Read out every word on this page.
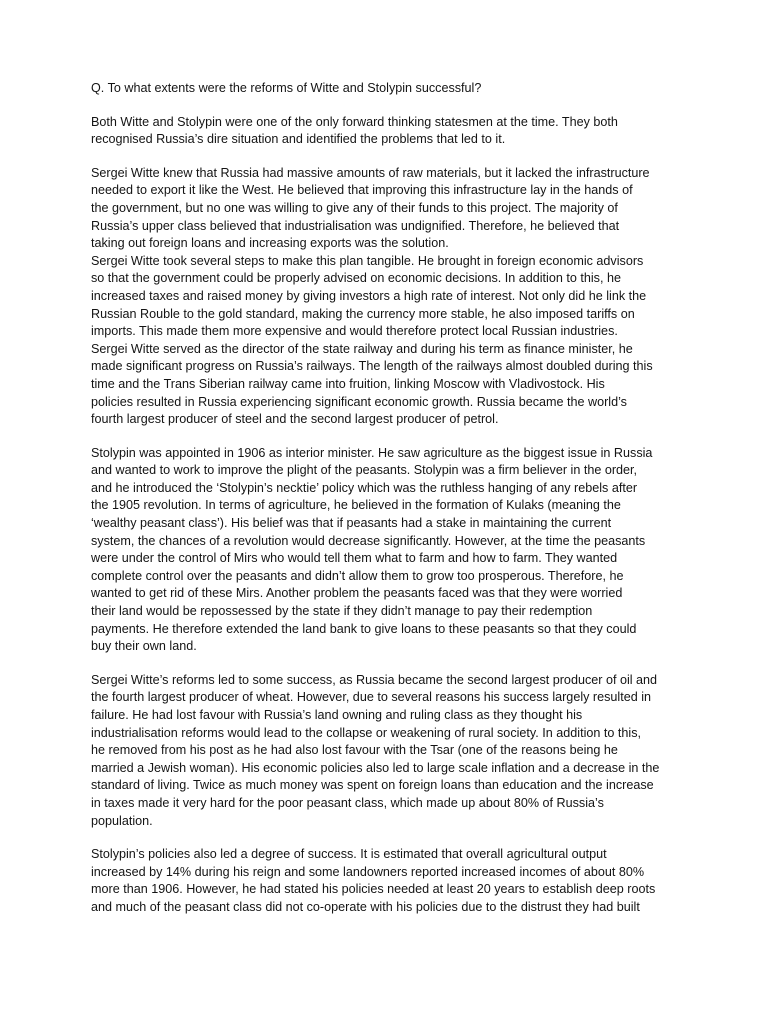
Q. To what extents were the reforms of Witte and Stolypin successful?

Both Witte and Stolypin were one of the only forward thinking statesmen at the time. They both
recognised Russia’s dire situation and identified the problems that led to it.

Sergei Witte knew that Russia had massive amounts of raw materials, but it lacked the infrastructure
needed to export it like the West. He believed that improving this infrastructure lay in the hands of
the government, but no one was willing to give any of their funds to this project. The majority of
Russia’s upper class believed that industrialisation was undignified. Therefore, he believed that
taking out foreign loans and increasing exports was the solution.

Sergei Witte took several steps to make this plan tangible. He brought in foreign economic advisors
so that the government could be properly advised on economic decisions. In addition to this, he
increased taxes and raised money by giving investors a high rate of interest. Not only did he link the
Russian Rouble to the gold standard, making the currency more stable, he also imposed tariffs on
imports. This made them more expensive and would therefore protect local Russian industries.

Sergei Witte served as the director of the state railway and during his term as finance minister, he
made significant progress on Russia’s railways. The length of the railways almost doubled during this
time and the Trans Siberian railway came into fruition, linking Moscow with Vladivostock. His
policies resulted in Russia experiencing significant economic growth. Russia became the world’s
fourth largest producer of steel and the second largest producer of petrol.

Stolypin was appointed in 1906 as interior minister. He saw agriculture as the biggest issue in Russia
and wanted to work to improve the plight of the peasants. Stolypin was a firm believer in the order,
and he introduced the ‘Stolypin’s necktie’ policy which was the ruthless hanging of any rebels after
the 1905 revolution. In terms of agriculture, he believed in the formation of Kulaks (meaning the
‘wealthy peasant class’). His belief was that if peasants had a stake in maintaining the current
system, the chances of a revolution would decrease significantly. However, at the time the peasants
were under the control of Mirs who would tell them what to farm and how to farm. They wanted
complete control over the peasants and didn’t allow them to grow too prosperous. Therefore, he
wanted to get rid of these Mirs. Another problem the peasants faced was that they were worried
their land would be repossessed by the state if they didn’t manage to pay their redemption
payments. He therefore extended the land bank to give loans to these peasants so that they could
buy their own land.

Sergei Witte’s reforms led to some success, as Russia became the second largest producer of oil and
the fourth largest producer of wheat. However, due to several reasons his success largely resulted in
failure. He had lost favour with Russia’s land owning and ruling class as they thought his
industrialisation reforms would lead to the collapse or weakening of rural society. In addition to this,
he removed from his post as he had also lost favour with the Tsar (one of the reasons being he
married a Jewish woman). His economic policies also led to large scale inflation and a decrease in the
standard of living. Twice as much money was spent on foreign loans than education and the increase
in taxes made it very hard for the poor peasant class, which made up about 80% of Russia’s
population.

Stolypin’s policies also led a degree of success. It is estimated that overall agricultural output
increased by 14% during his reign and some landowners reported increased incomes of about 80%
more than 1906. However, he had stated his policies needed at least 20 years to establish deep roots
and much of the peasant class did not co-operate with his policies due to the distrust they had built
